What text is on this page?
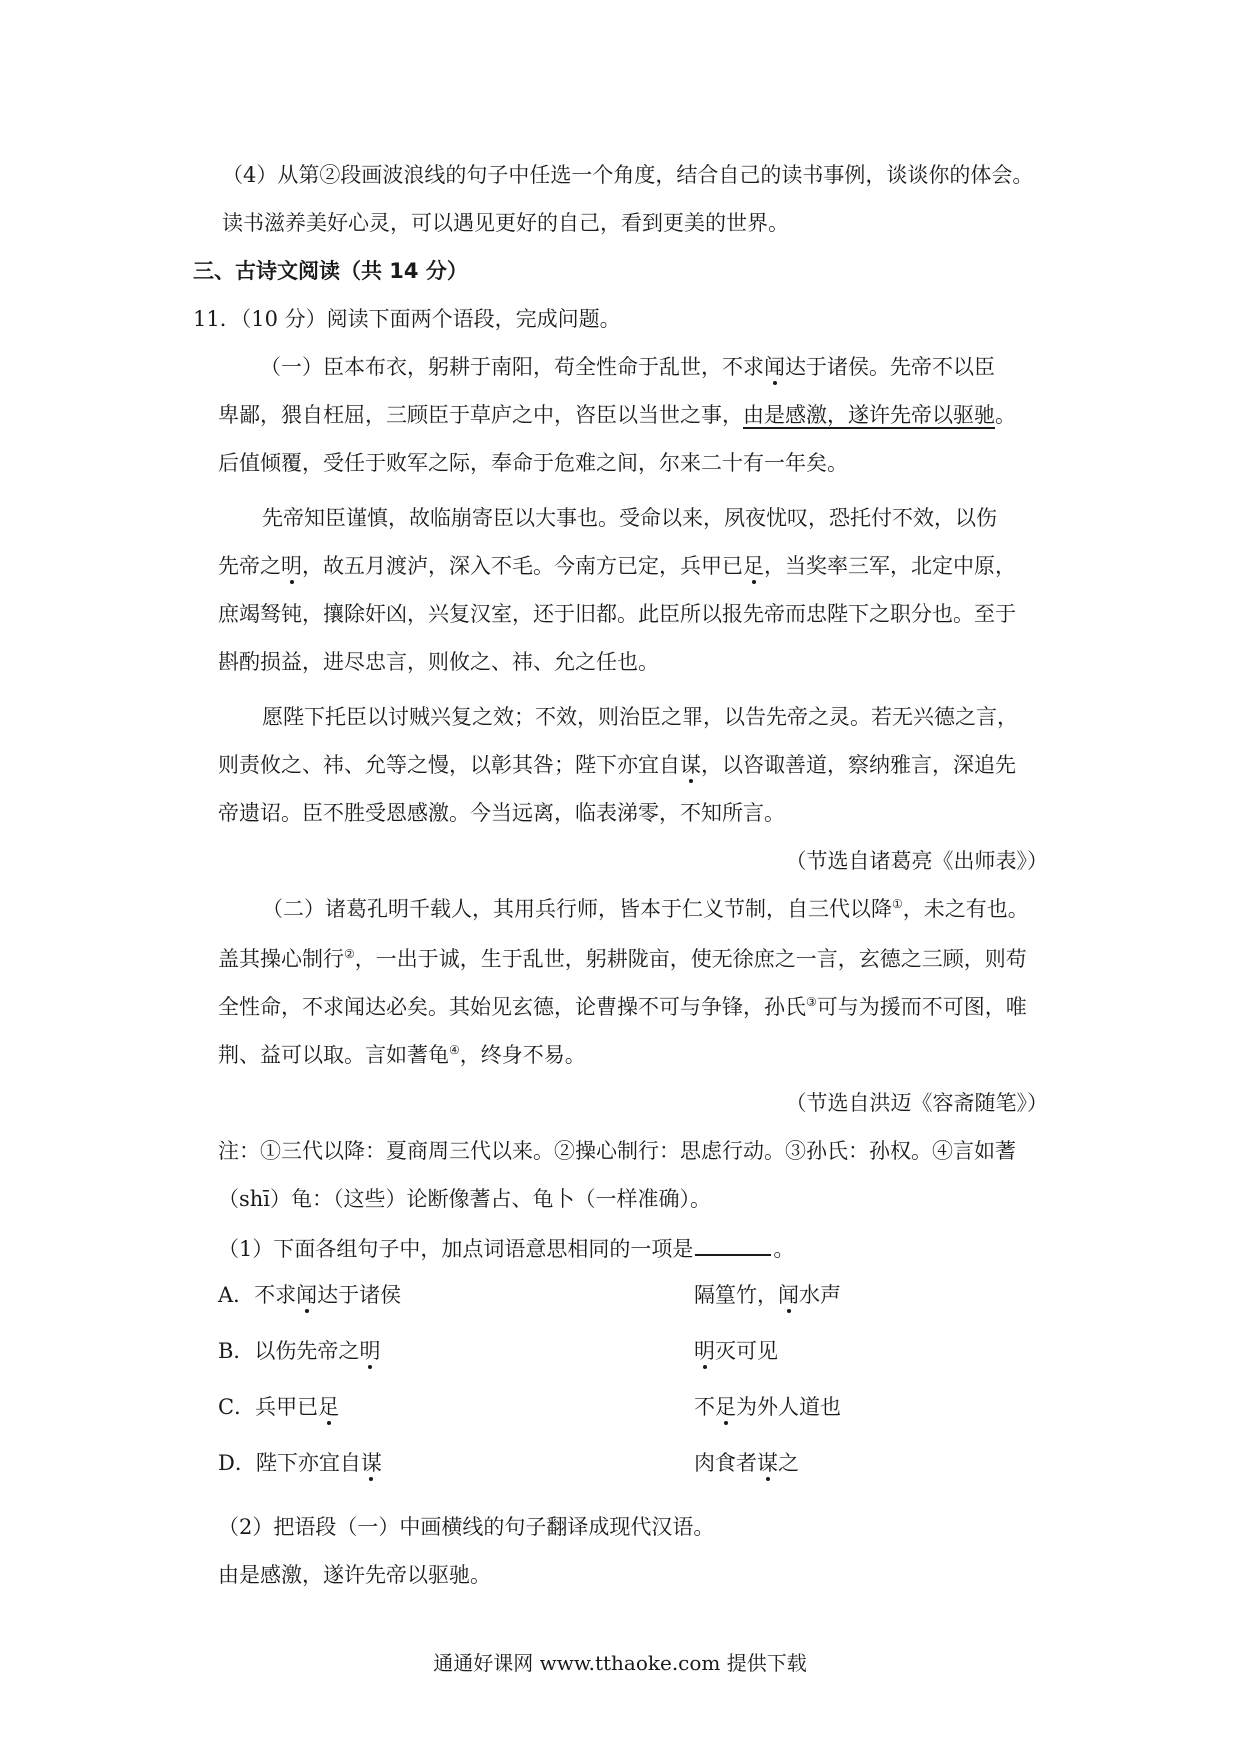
（4）从第②段画波浪线的句子中任选一个角度，结合自己的读书事例，谈谈你的体会。
读书滋养美好心灵，可以遇见更好的自己，看到更美的世界。
三、古诗文阅读（共 14 分）
11．（10 分）阅读下面两个语段，完成问题。
（一）臣本布衣，躬耕于南阳，苟全性命于乱世，不求闻达于诸侯。先帝不以臣
卑鄙，猥自枉屈，三顾臣于草庐之中，咨臣以当世之事，由是感激，遂许先帝以驱驰。
后值倾覆，受任于败军之际，奉命于危难之间，尔来二十有一年矣。
先帝知臣谨慎，故临崩寄臣以大事也。受命以来，夙夜忧叹，恐托付不效，以伤
先帝之明，故五月渡泸，深入不毛。今南方已定，兵甲已足，当奖率三军，北定中原，
庶竭驽钝，攘除奸凶，兴复汉室，还于旧都。此臣所以报先帝而忠陛下之职分也。至于
斟酌损益，进尽忠言，则攸之、祎、允之任也。
愿陛下托臣以讨贼兴复之效；不效，则治臣之罪，以告先帝之灵。若无兴德之言，
则责攸之、祎、允等之慢，以彰其咎；陛下亦宜自谋，以咨诹善道，察纳雅言，深追先
帝遗诏。臣不胜受恩感激。今当远离，临表涕零，不知所言。
（节选自诸葛亮《出师表》）
（二）诸葛孔明千载人，其用兵行师，皆本于仁义节制，自三代以降①，未之有也。
盖其操心制行②，一出于诚，生于乱世，躬耕陇亩，使无徐庶之一言，玄德之三顾，则苟
全性命，不求闻达必矣。其始见玄德，论曹操不可与争锋，孙氏③可与为援而不可图，唯
荆、益可以取。言如蓍龟④，终身不易。
（节选自洪迈《容斋随笔》）
注：①三代以降：夏商周三代以来。②操心制行：思虑行动。③孙氏：孙权。④言如蓍
（shī）龟：（这些）论断像蓍占、龟卜（一样准确）。
（1）下面各组句子中，加点词语意思相同的一项是	。
A．不求闻达于诸侯	隔篁竹，闻水声
B．以伤先帝之明	明灭可见
C．兵甲已足	不足为外人道也
D．陛下亦宜自谋	肉食者谋之
（2）把语段（一）中画横线的句子翻译成现代汉语。
由是感激，遂许先帝以驱驰。
通通好课网 www.tthaoke.com 提供下载
